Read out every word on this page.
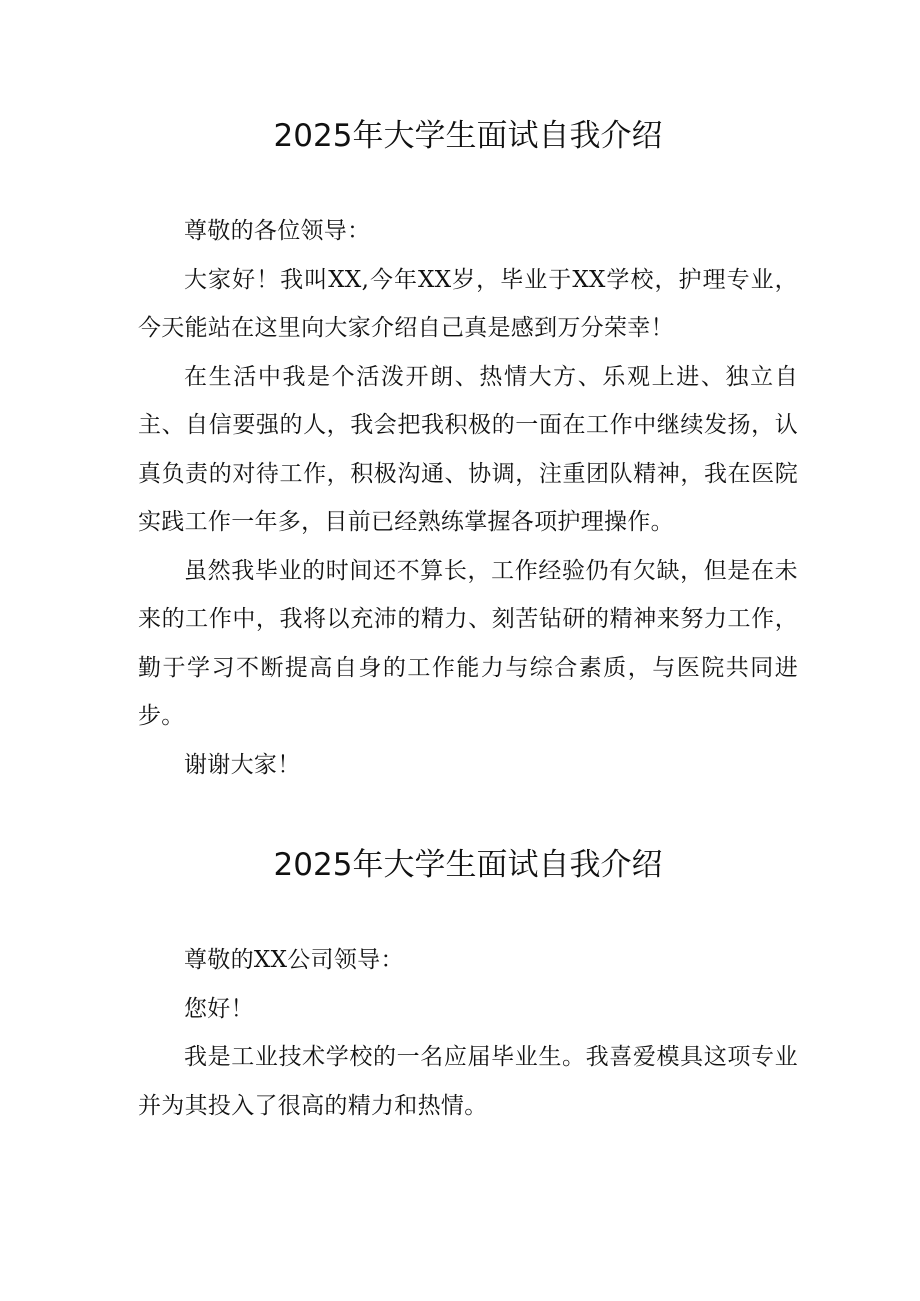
2025年大学生面试自我介绍

尊敬的各位领导：

大家好！我叫XX,今年XX岁，毕业于XX学校，护理专业，今天能站在这里向大家介绍自己真是感到万分荣幸！

在生活中我是个活泼开朗、热情大方、乐观上进、独立自主、自信要强的人，我会把我积极的一面在工作中继续发扬，认真负责的对待工作，积极沟通、协调，注重团队精神，我在医院实践工作一年多，目前已经熟练掌握各项护理操作。

虽然我毕业的时间还不算长，工作经验仍有欠缺，但是在未来的工作中，我将以充沛的精力、刻苦钻研的精神来努力工作，勤于学习不断提高自身的工作能力与综合素质，与医院共同进步。

谢谢大家！

2025年大学生面试自我介绍

尊敬的XX公司领导：

您好！

我是工业技术学校的一名应届毕业生。我喜爱模具这项专业并为其投入了很高的精力和热情。
